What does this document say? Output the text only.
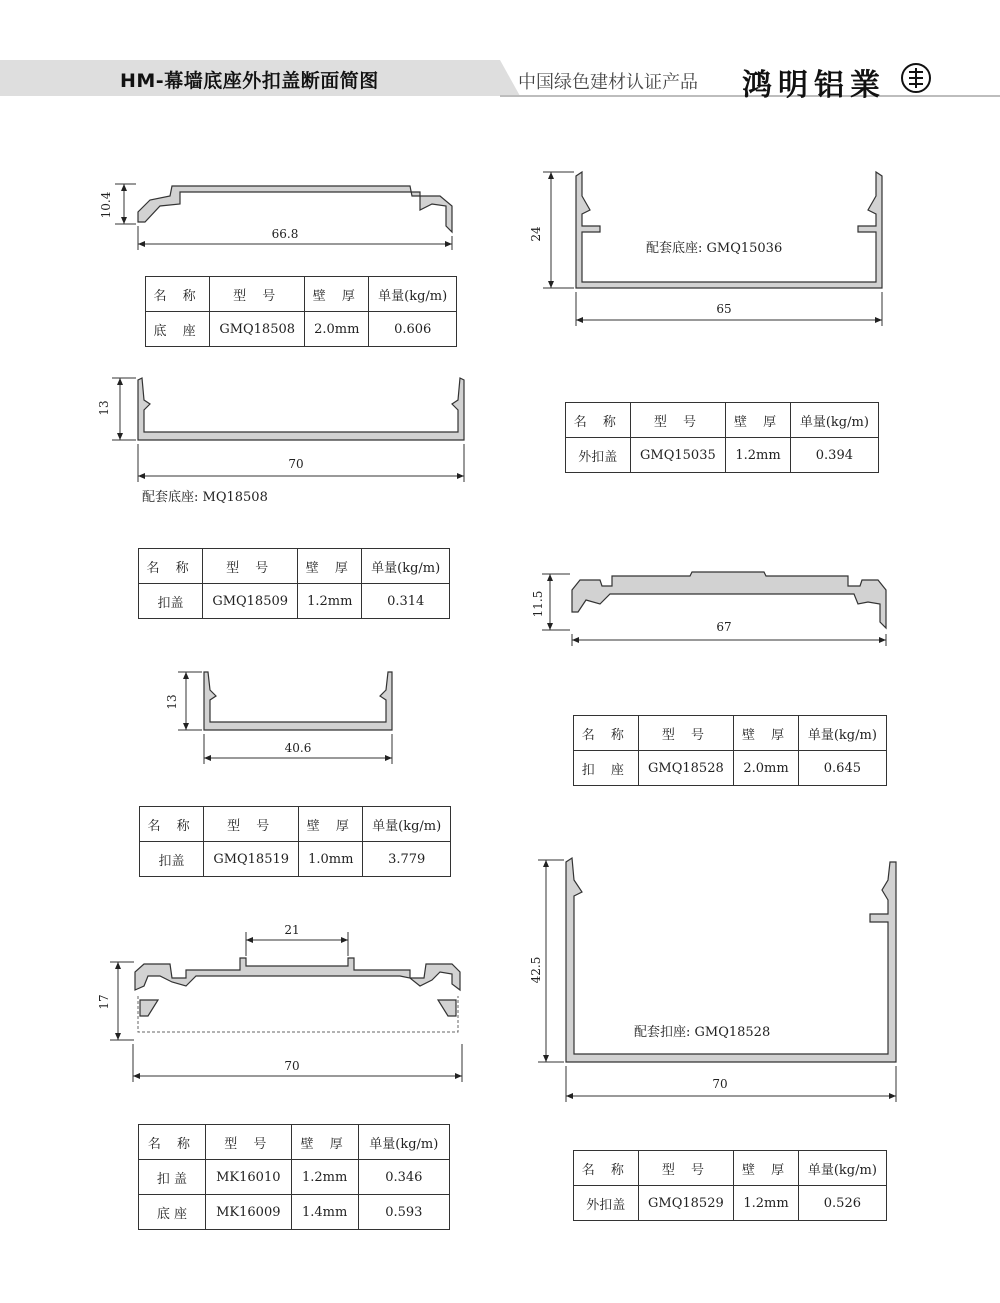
HM-幕墙底座外扣盖断面简图	中国绿色建材认证产品 鸿明铝業
66.8
10.4
70
13
40.6
13
21
70
17
65
24
67
11.5
70
42.5
配套底座: MQ18508
配套底座: GMQ15036
配套扣座: GMQ18528
名 称	型 号	壁 厚	单量(kg/m)
底 座	GMQ18508	2.0mm	0.606
名 称	型 号	壁 厚	单量(kg/m)
扣盖	GMQ18509	1.2mm	0.314
名 称	型 号	壁 厚	单量(kg/m)
扣盖	GMQ18519	1.0mm	3.779
名 称	型 号	壁 厚	单量(kg/m)
扣 盖	MK16010	1.2mm	0.346
底 座	MK16009	1.4mm	0.593
名 称	型 号	壁 厚	单量(kg/m)
外扣盖	GMQ15035	1.2mm	0.394
名 称	型 号	壁 厚	单量(kg/m)
扣 座	GMQ18528	2.0mm	0.645
名 称	型 号	壁 厚	单量(kg/m)
外扣盖	GMQ18529	1.2mm	0.526
